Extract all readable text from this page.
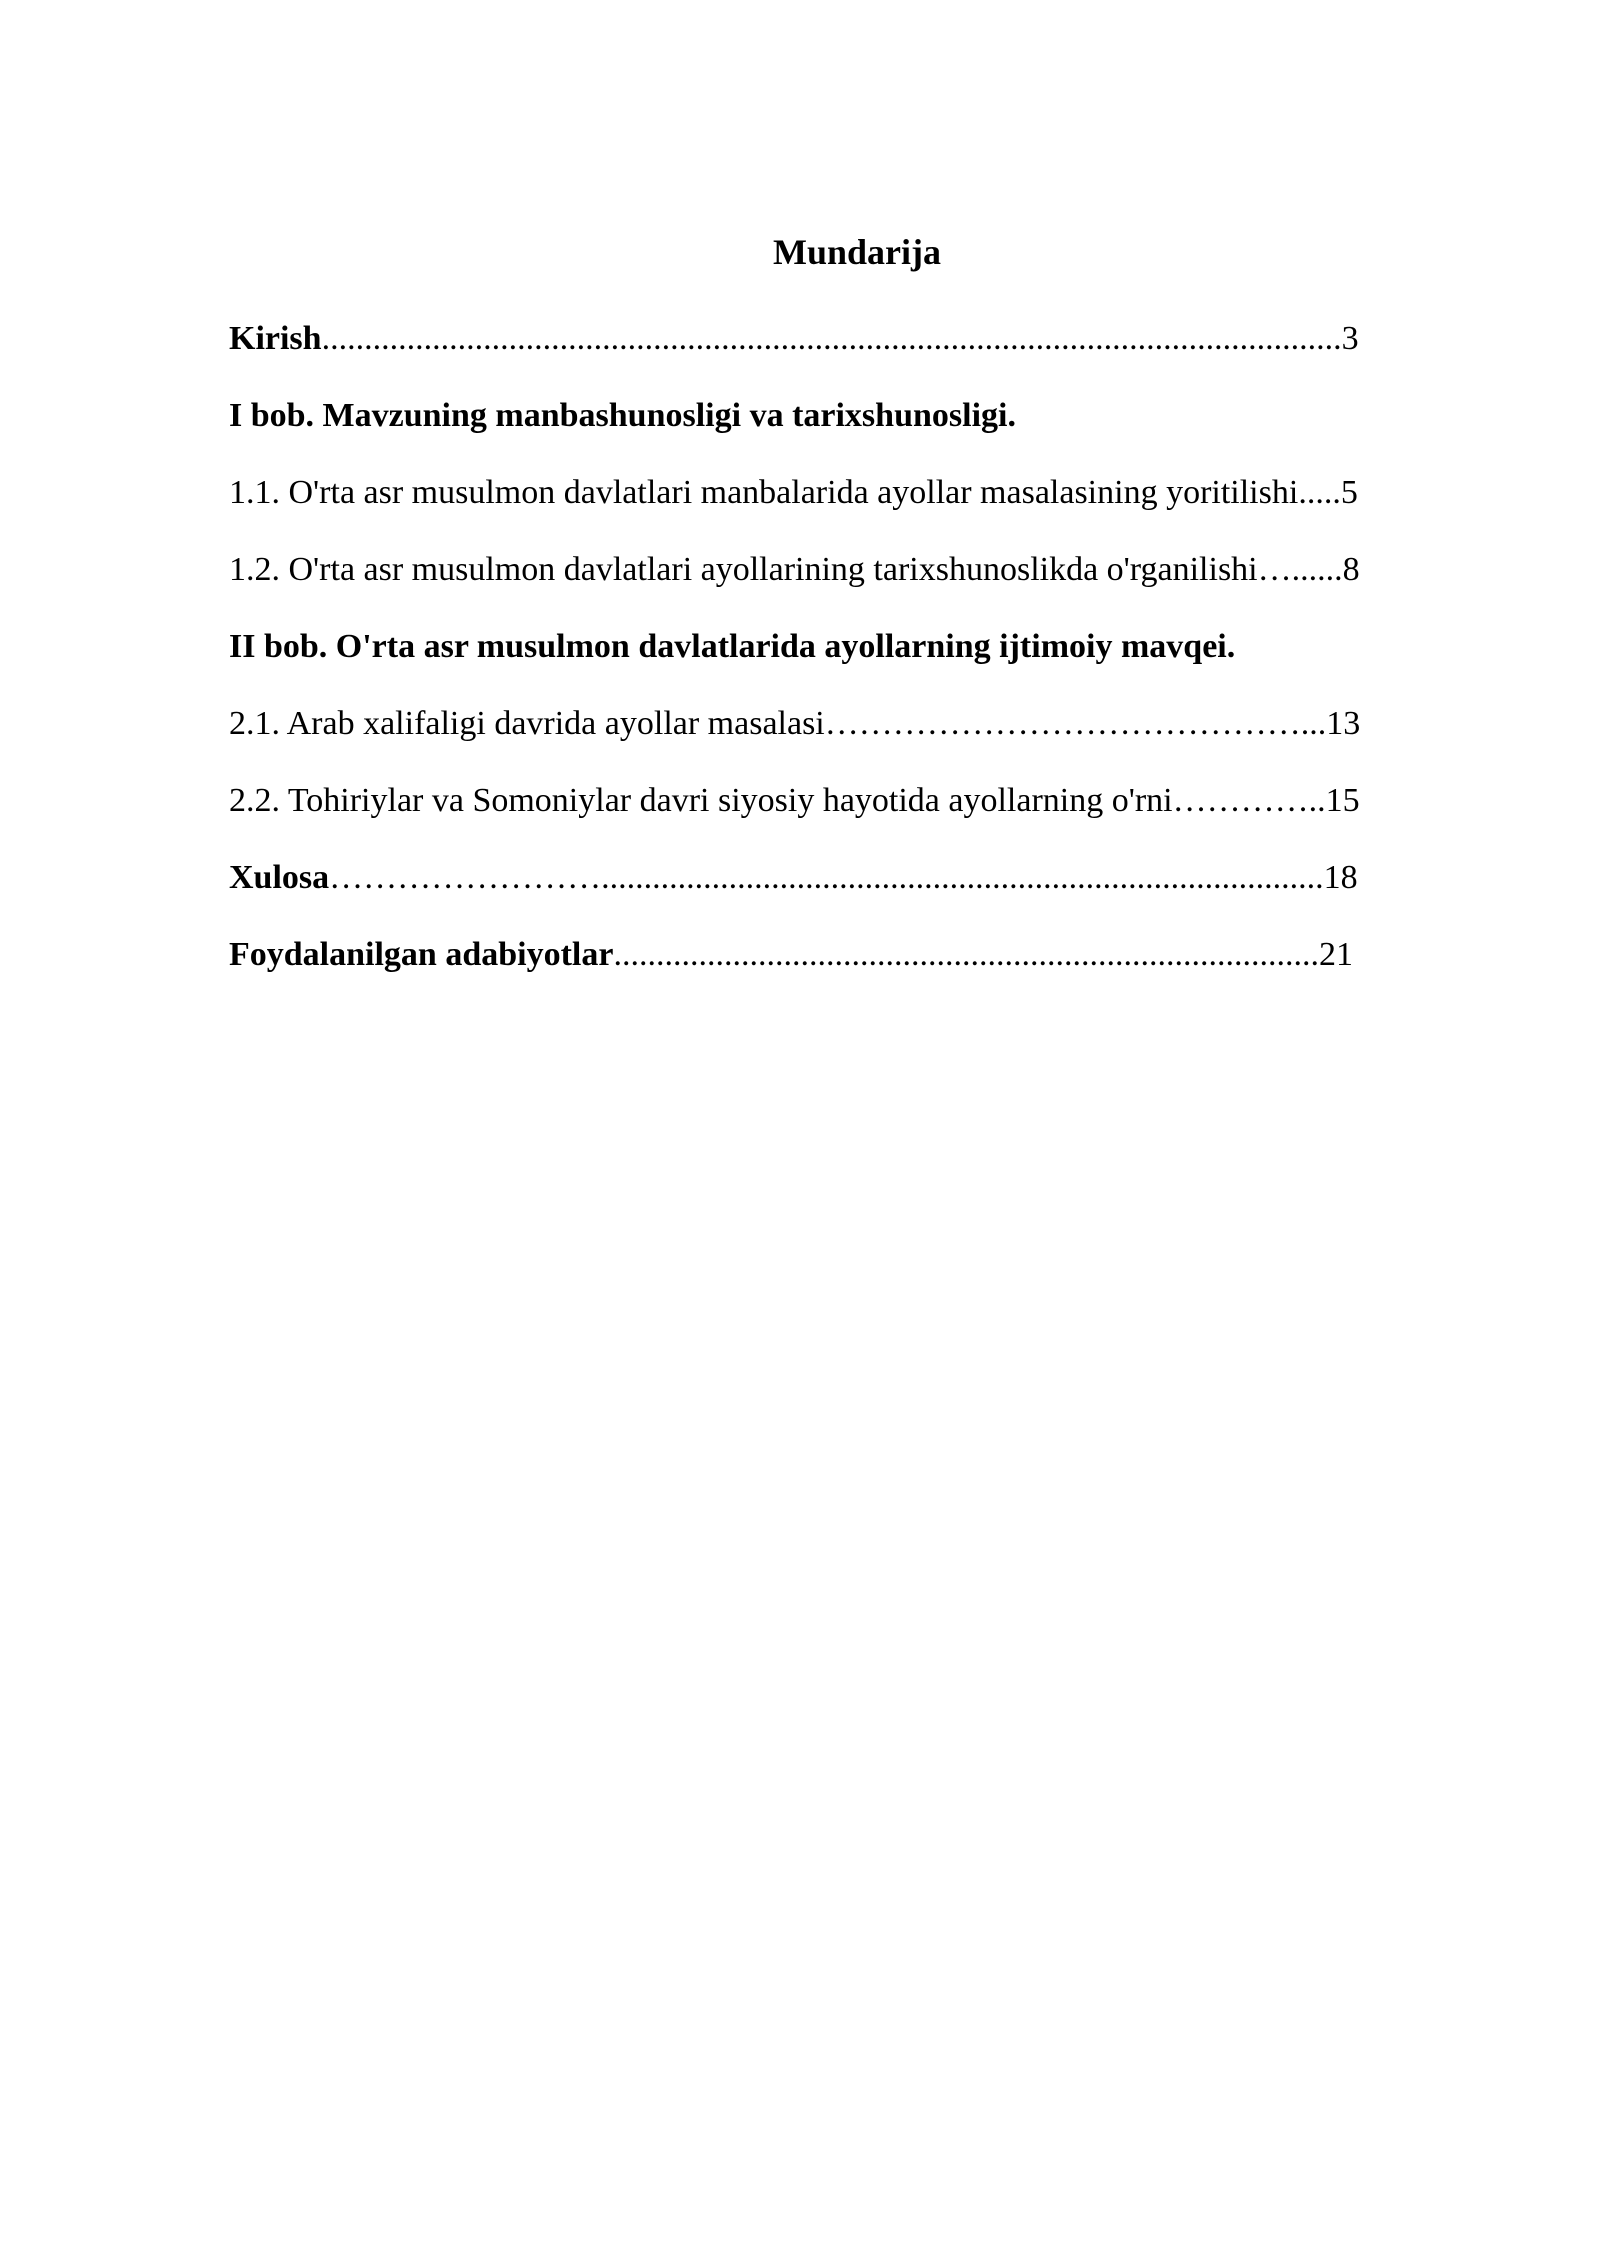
Mundarija
Kirish........................................................................................................................3
I bob. Mavzuning manbashunosligi va tarixshunosligi.
1.1. O'rta asr musulmon davlatlari manbalarida ayollar masalasining yoritilishi.....5
1.2. O'rta asr musulmon davlatlari ayollarining tarixshunoslikda o'rganilishi…......8
II bob. O'rta asr musulmon davlatlarida ayollarning ijtimoiy mavqei.
2.1. Arab xalifaligi davrida ayollar masalasi……………………………………...13
2.2. Tohiriylar va Somoniylar davri siyosiy hayotida ayollarning o'rni…………..15
Xulosa…………………….....................................................................................18
Foydalanilgan adabiyotlar...................................................................................21
